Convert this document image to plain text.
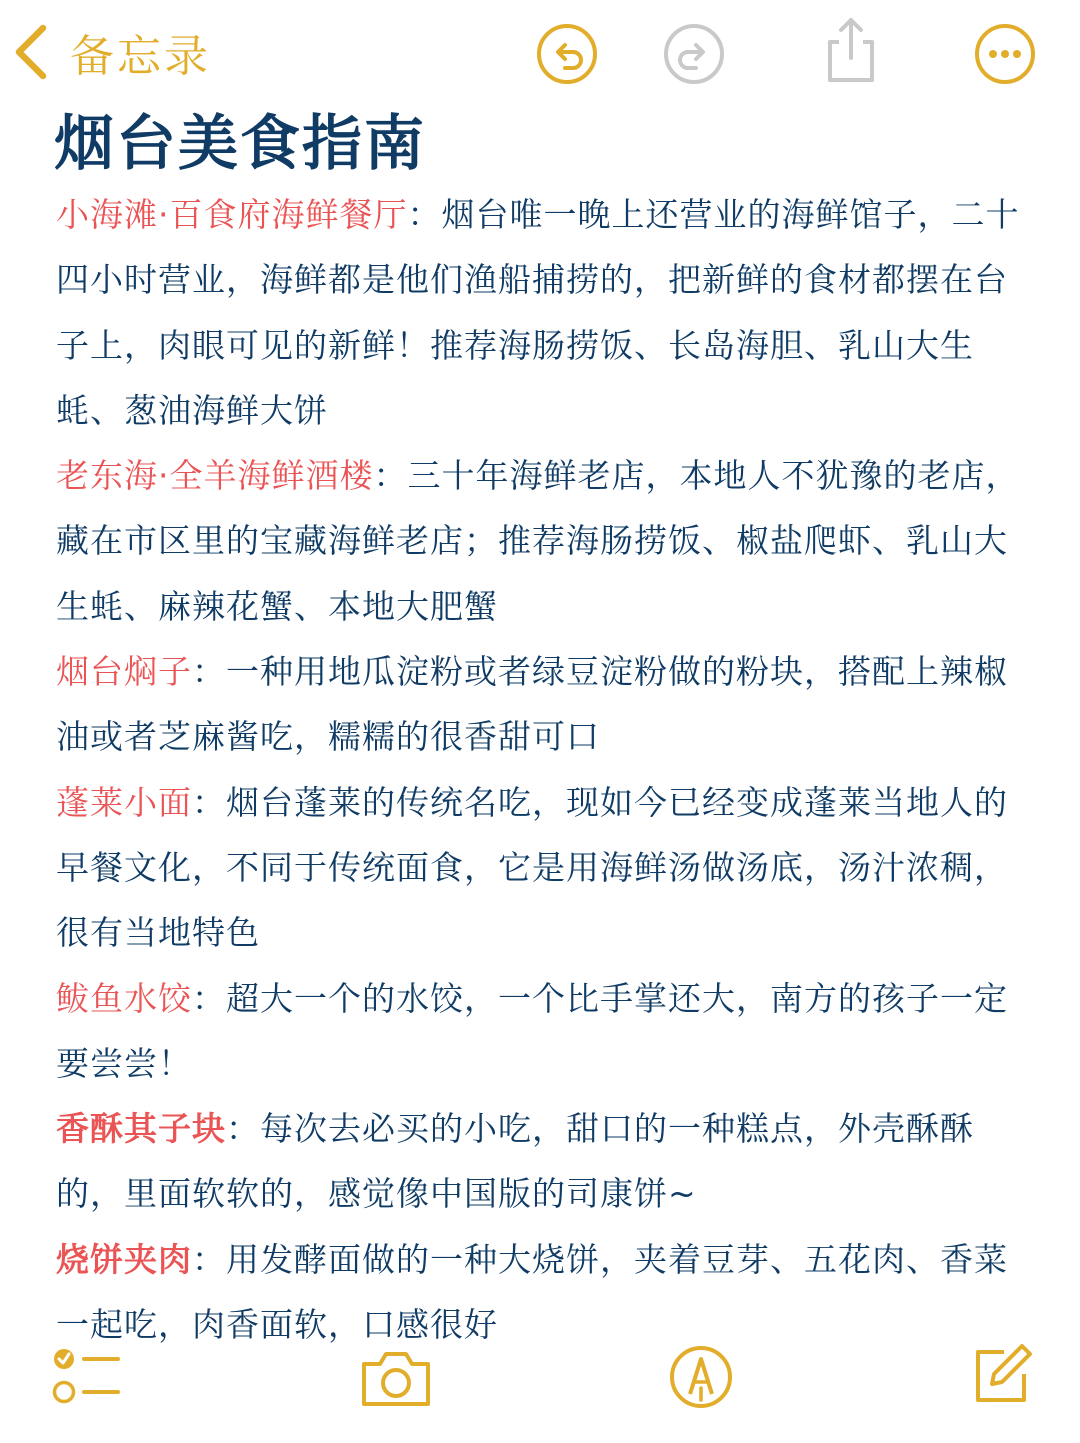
备忘录
烟台美食指南

小海滩·百食府海鲜餐厅：烟台唯一晚上还营业的海鲜馆子，二十四小时营业，海鲜都是他们渔船捕捞的，把新鲜的食材都摆在台子上，肉眼可见的新鲜！推荐海肠捞饭、长岛海胆、乳山大生蚝、葱油海鲜大饼

老东海·全羊海鲜酒楼：三十年海鲜老店，本地人不犹豫的老店，藏在市区里的宝藏海鲜老店；推荐海肠捞饭、椒盐爬虾、乳山大生蚝、麻辣花蟹、本地大肥蟹

烟台焖子：一种用地瓜淀粉或者绿豆淀粉做的粉块，搭配上辣椒油或者芝麻酱吃，糯糯的很香甜可口

蓬莱小面：烟台蓬莱的传统名吃，现如今已经变成蓬莱当地人的早餐文化，不同于传统面食，它是用海鲜汤做汤底，汤汁浓稠，很有当地特色

鲅鱼水饺：超大一个的水饺，一个比手掌还大，南方的孩子一定要尝尝！

香酥其子块：每次去必买的小吃，甜口的一种糕点，外壳酥酥的，里面软软的，感觉像中国版的司康饼~

烧饼夹肉：用发酵面做的一种大烧饼，夹着豆芽、五花肉、香菜一起吃，肉香面软，口感很好
